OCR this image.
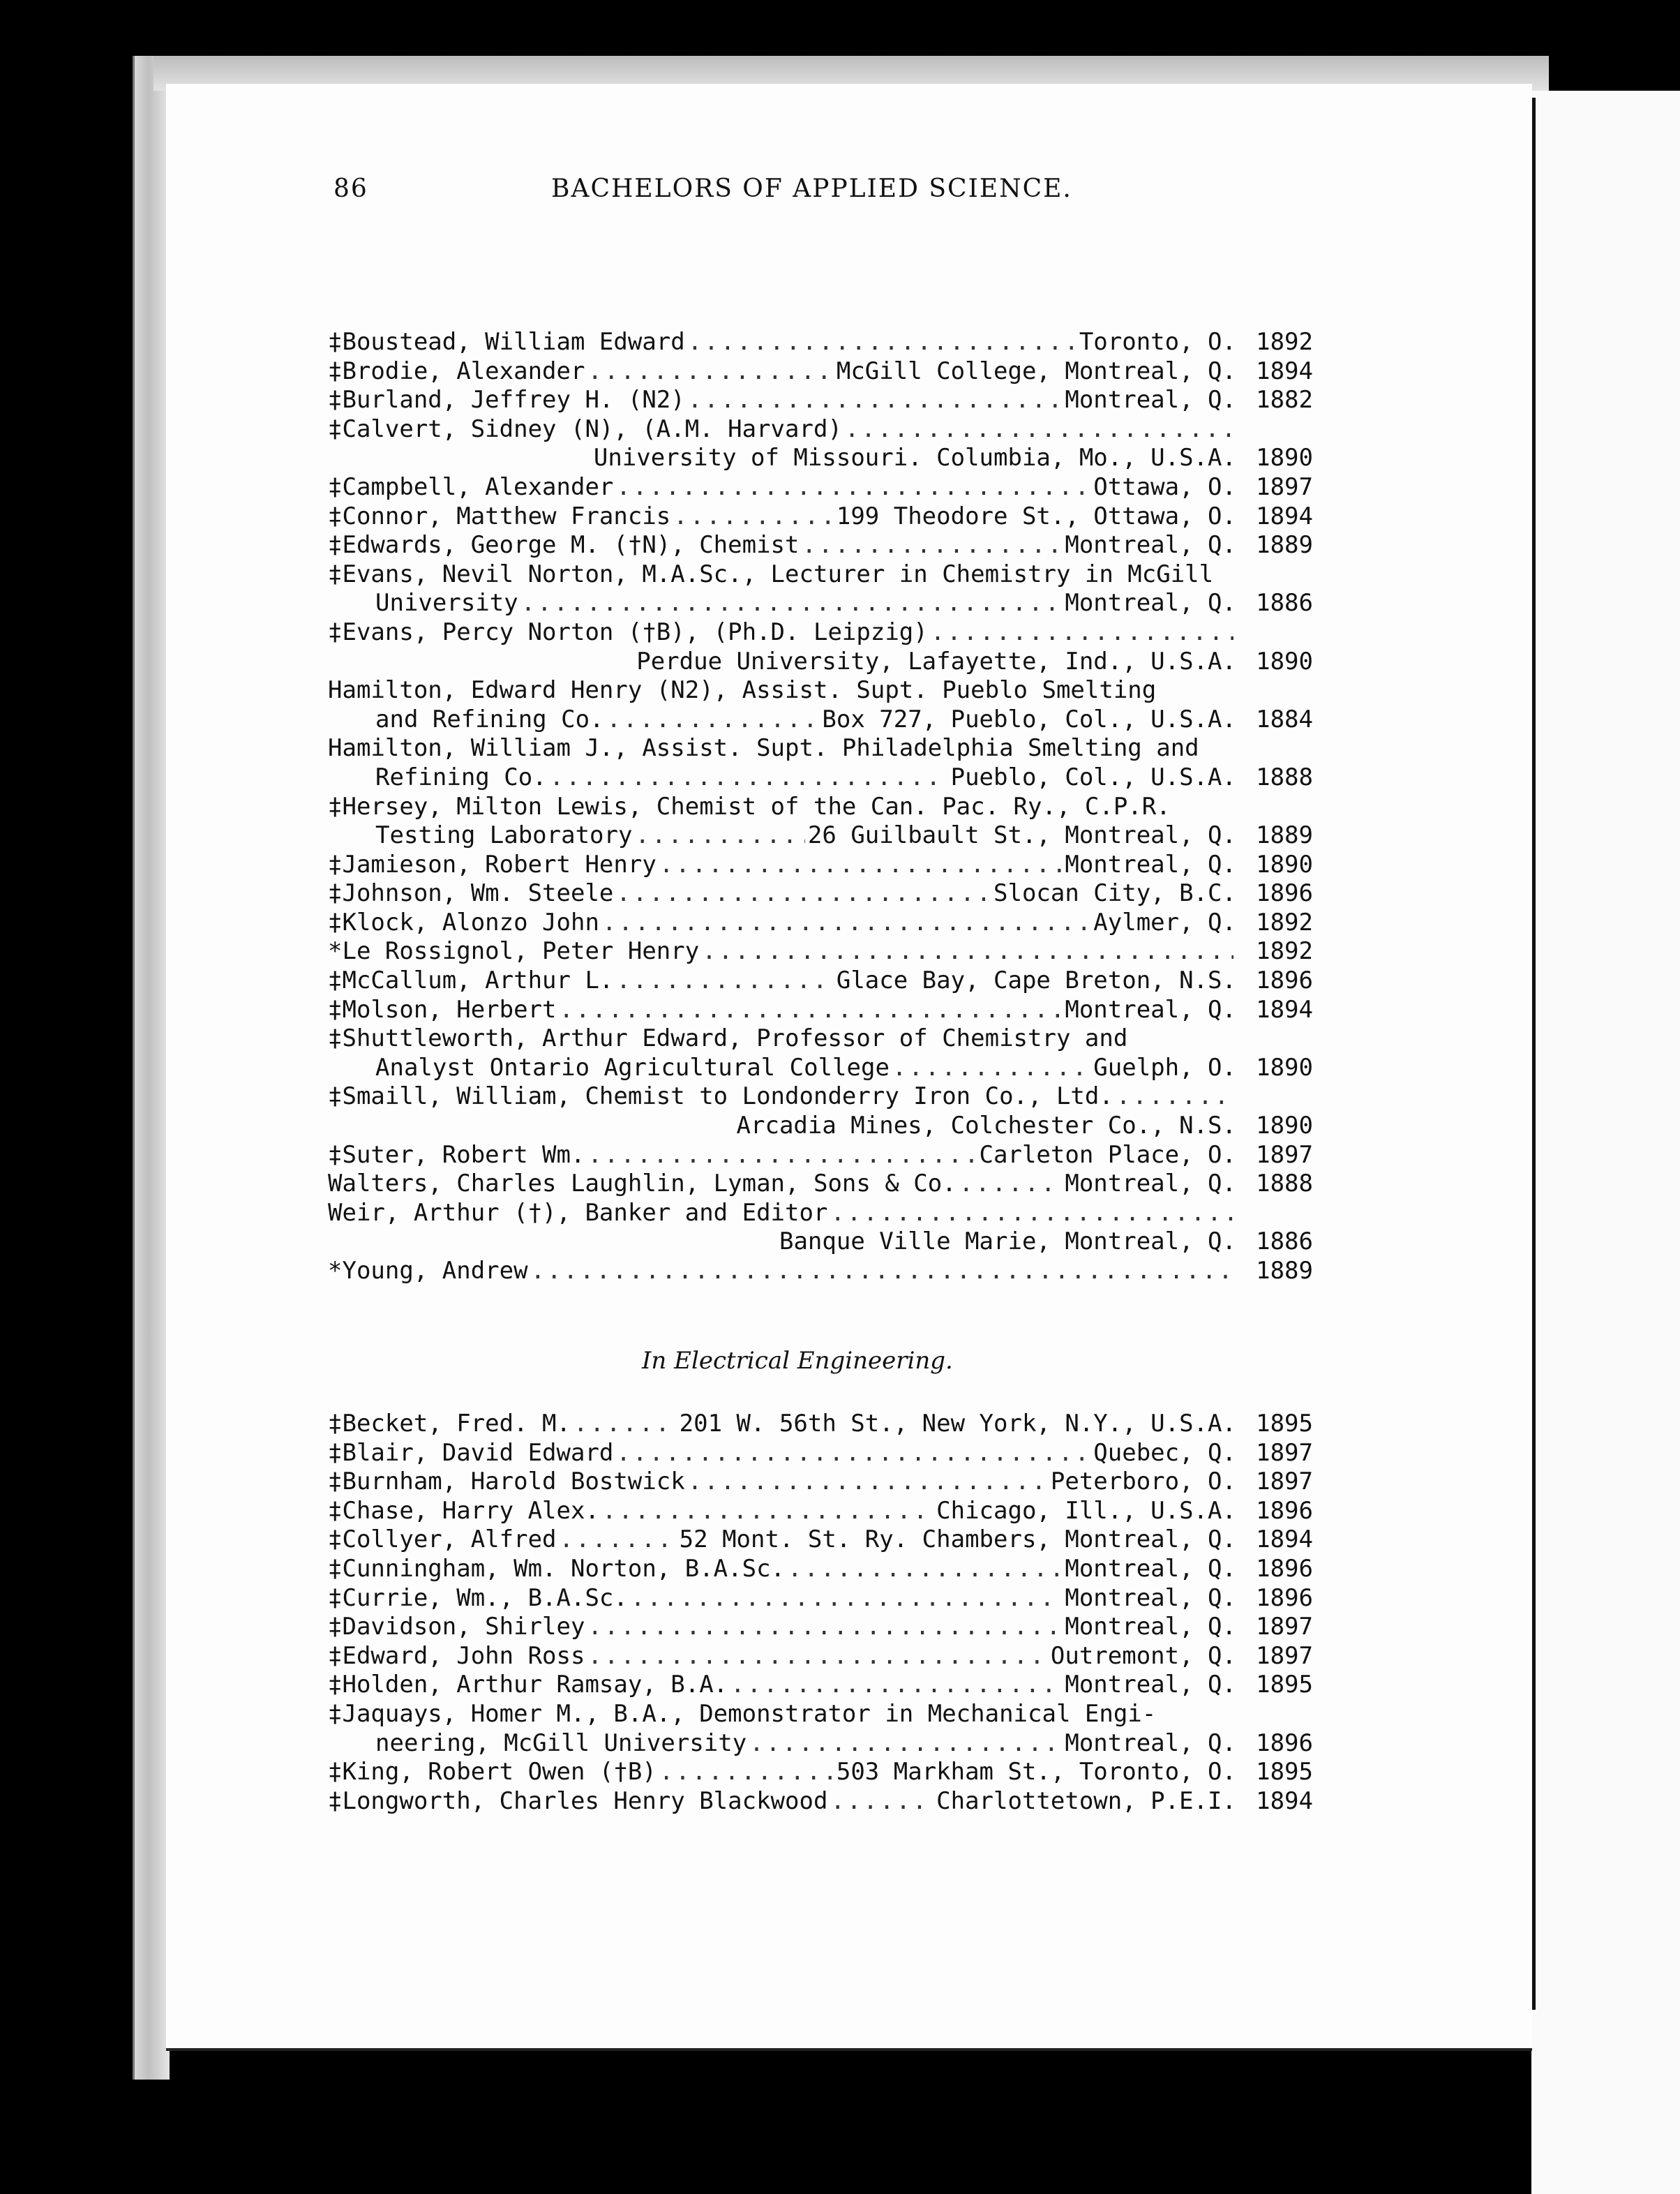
86	BACHELORS OF APPLIED SCIENCE.
‡Boustead, William Edward .....	Toronto, O. 1892
‡Brodie, Alexander .....	McGill College, Montreal, Q. 1894
‡Burland, Jeffrey H. (N2) .....	Montreal, Q. 1882
‡Calvert, Sidney (N), (A.M. Harvard)
.....
University of Missouri. Columbia, Mo., U.S.A. 1890
‡Campbell, Alexander .....	Ottawa, O. 1897
‡Connor, Matthew Francis .....	199 Theodore St., Ottawa, O. 1894
‡Edwards, George M. (†N), Chemist .....	Montreal, Q. 1889
‡Evans, Nevil Norton, M.A.Sc., Lecturer in Chemistry in McGill
University .....	Montreal, Q. 1886
‡Evans, Percy Norton (†B), (Ph.D. Leipzig)
.....
Perdue University, Lafayette, Ind., U.S.A. 1890
Hamilton, Edward Henry (N2), Assist. Supt. Pueblo Smelting
and Refining Co. .....	Box 727, Pueblo, Col., U.S.A. 1884
Hamilton, William J., Assist. Supt. Philadelphia Smelting and
Refining Co. .....	Pueblo, Col., U.S.A. 1888
‡Hersey, Milton Lewis, Chemist of the Can. Pac. Ry., C.P.R.
Testing Laboratory .....	26 Guilbault St., Montreal, Q. 1889
‡Jamieson, Robert Henry .....	Montreal, Q. 1890
‡Johnson, Wm. Steele .....	Slocan City, B.C. 1896
‡Klock, Alonzo John .....	Aylmer, Q. 1892
*Le Rossignol, Peter Henry .....	1892
‡McCallum, Arthur L. .....	Glace Bay, Cape Breton, N.S. 1896
‡Molson, Herbert .....	Montreal, Q. 1894
‡Shuttleworth, Arthur Edward, Professor of Chemistry and
Analyst Ontario Agricultural College .....	Guelph, O. 1890
‡Smaill, William, Chemist to Londonderry Iron Co., Ltd.
.....
Arcadia Mines, Colchester Co., N.S. 1890
‡Suter, Robert Wm. .....	Carleton Place, O. 1897
Walters, Charles Laughlin, Lyman, Sons & Co. .....	Montreal, Q. 1888
Weir, Arthur (†), Banker and Editor
.....
Banque Ville Marie, Montreal, Q. 1886
*Young, Andrew .....	1889
In Electrical Engineering.
‡Becket, Fred. M. .....	201 W. 56th St., New York, N.Y., U.S.A. 1895
‡Blair, David Edward .....	Quebec, Q. 1897
‡Burnham, Harold Bostwick .....	Peterboro, O. 1897
‡Chase, Harry Alex. .....	Chicago, Ill., U.S.A. 1896
‡Collyer, Alfred .....	52 Mont. St. Ry. Chambers, Montreal, Q. 1894
‡Cunningham, Wm. Norton, B.A.Sc. .....	Montreal, Q. 1896
‡Currie, Wm., B.A.Sc. .....	Montreal, Q. 1896
‡Davidson, Shirley .....	Montreal, Q. 1897
‡Edward, John Ross .....	Outremont, Q. 1897
‡Holden, Arthur Ramsay, B.A. .....	Montreal, Q. 1895
‡Jaquays, Homer M., B.A., Demonstrator in Mechanical Engi-
neering, McGill University .....	Montreal, Q. 1896
‡King, Robert Owen (†B) .....	503 Markham St., Toronto, O. 1895
‡Longworth, Charles Henry Blackwood .....	Charlottetown, P.E.I. 1894
